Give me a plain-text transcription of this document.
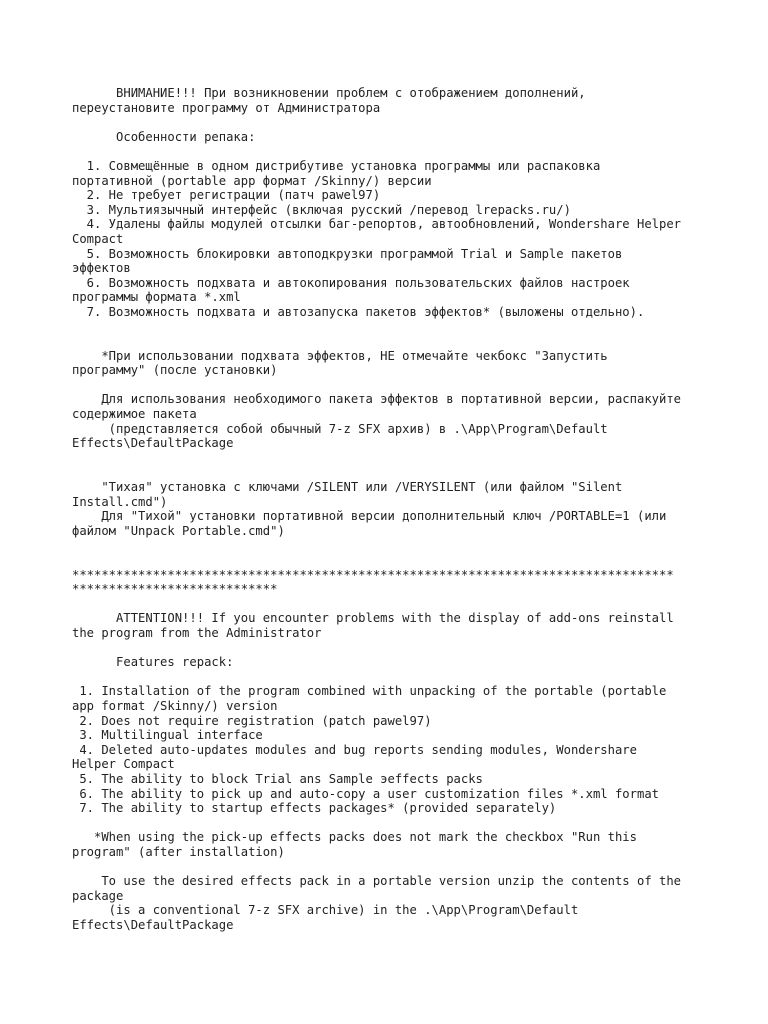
ВНИМАНИЕ!!! При возникновении проблем с отображением дополнений,
переустановите программу от Администратора
Особенности репака:
1. Совмещённые в одном дистрибутиве установка программы или распаковка
портативной (portable app формат /Skinny/) версии
2. Не требует регистрации (патч pawel97)
3. Мультиязычный интерфейс (включая русский /перевод lrepacks.ru/)
4. Удалены файлы модулей отсылки баг-репортов, автообновлений, Wondershare Helper
Compact
5. Возможность блокировки автоподкрузки программой Trial и Sample пакетов
эффектов
6. Возможность подхвата и автокопирования пользовательских файлов настроек
программы формата *.xml
7. Возможность подхвата и автозапуска пакетов эффектов* (выложены отдельно).
*При использовании подхвата эффектов, НЕ отмечайте чекбокс "Запустить
программу" (после установки)
Для использования необходимого пакета эффектов в портативной версии, распакуйте
содержимое пакета
(представляется собой обычный 7-z SFX архив) в .\App\Program\Default
Effects\DefaultPackage
"Тихая" установка с ключами /SILENT или /VERYSILENT (или файлом "Silent
Install.cmd")
Для "Тихой" установки портативной версии дополнительный ключ /PORTABLE=1 (или
файлом "Unpack Portable.cmd")
**********************************************************************************
****************************
ATTENTION!!! If you encounter problems with the display of add-ons reinstall
the program from the Administrator
Features repack:
1. Installation of the program combined with unpacking of the portable (portable
app format /Skinny/) version
2. Does not require registration (patch pawel97)
3. Multilingual interface
4. Deleted auto-updates modules and bug reports sending modules, Wondershare
Helper Compact
5. The ability to block Trial ans Sample эeffects packs
6. The ability to pick up and auto-copy a user customization files *.xml format
7. The ability to startup effects packages* (provided separately)
*When using the pick-up effects packs does not mark the checkbox "Run this
program" (after installation)
To use the desired effects pack in a portable version unzip the contents of the
package
(is a conventional 7-z SFX archive) in the .\App\Program\Default
Effects\DefaultPackage
